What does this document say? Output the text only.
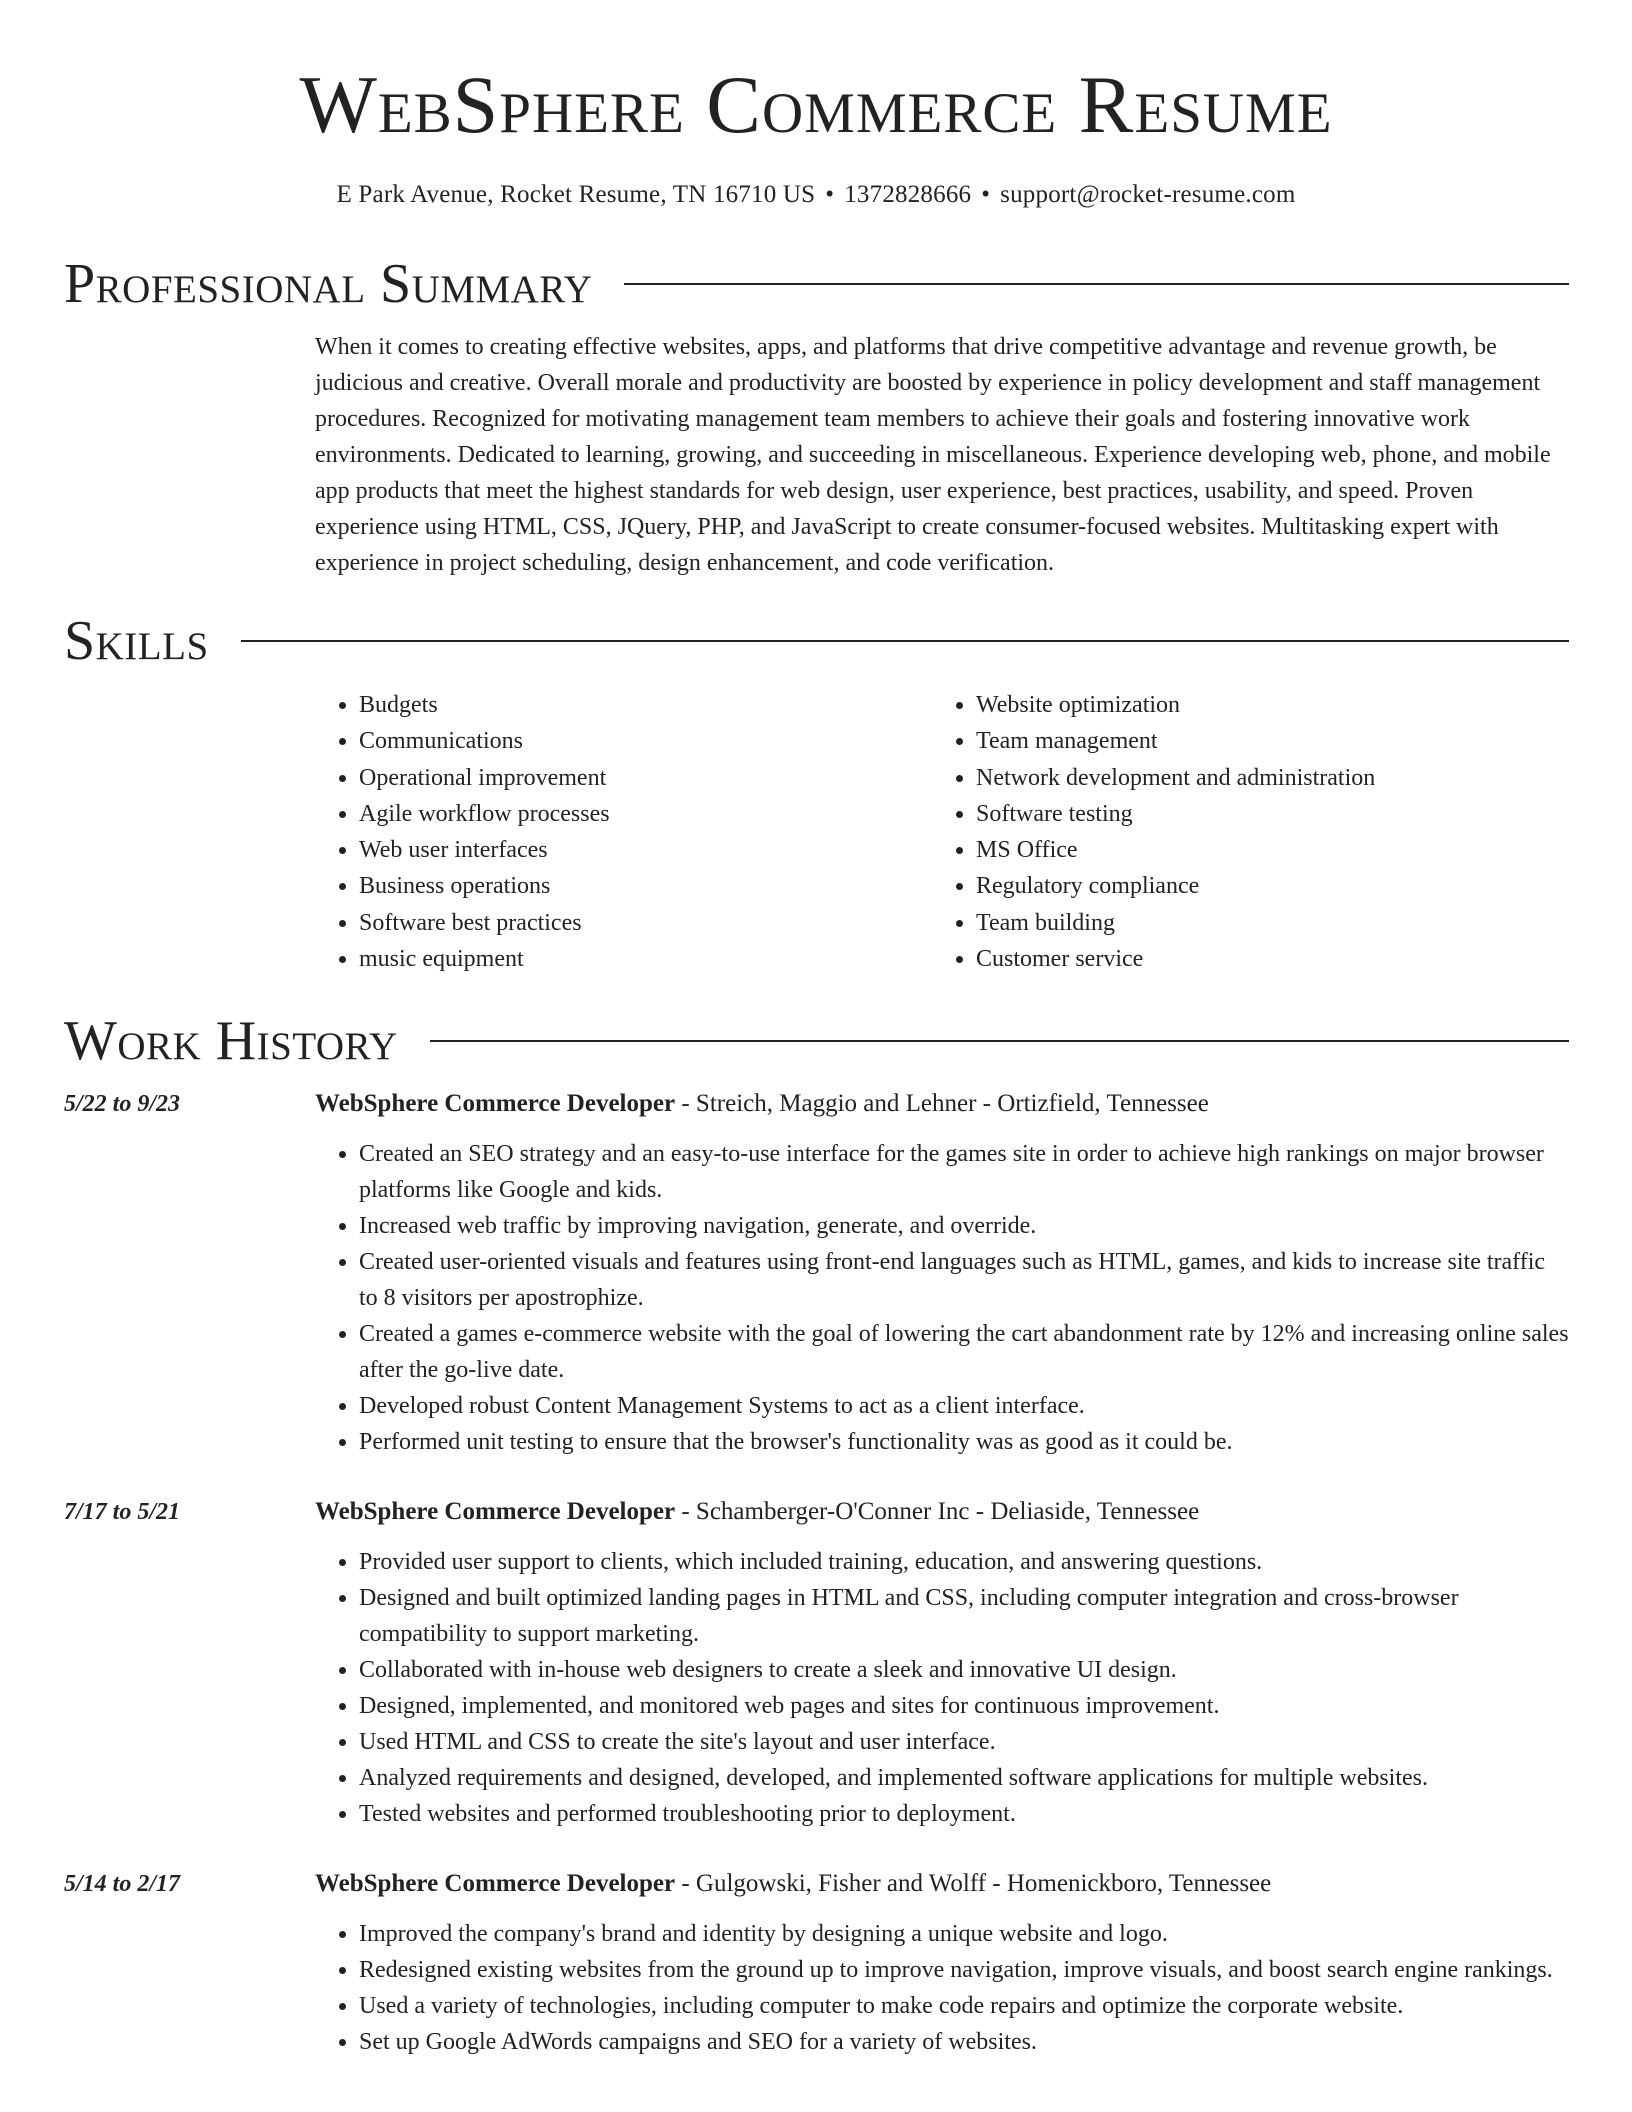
WebSphere Commerce Resume
E Park Avenue, Rocket Resume, TN 16710 US • 1372828666 • support@rocket-resume.com
Professional Summary

When it comes to creating effective websites, apps, and platforms that drive competitive advantage and revenue growth, be judicious and creative. Overall morale and productivity are boosted by experience in policy development and staff management procedures. Recognized for motivating management team members to achieve their goals and fostering innovative work environments. Dedicated to learning, growing, and succeeding in miscellaneous. Experience developing web, phone, and mobile app products that meet the highest standards for web design, user experience, best practices, usability, and speed. Proven experience using HTML, CSS, JQuery, PHP, and JavaScript to create consumer-focused websites. Multitasking expert with experience in project scheduling, design enhancement, and code verification.

Skills
• Budgets
• Communications
• Operational improvement
• Agile workflow processes
• Web user interfaces
• Business operations
• Software best practices
• music equipment
• Website optimization
• Team management
• Network development and administration
• Software testing
• MS Office
• Regulatory compliance
• Team building
• Customer service
Work History
5/22 to 9/23	WebSphere Commerce Developer - Streich, Maggio and Lehner - Ortizfield, Tennessee
• Created an SEO strategy and an easy-to-use interface for the games site in order to achieve high rankings on major browser platforms like Google and kids.
• Increased web traffic by improving navigation, generate, and override.
• Created user-oriented visuals and features using front-end languages such as HTML, games, and kids to increase site traffic to 8 visitors per apostrophize.
• Created a games e-commerce website with the goal of lowering the cart abandonment rate by 12% and increasing online sales after the go-live date.
• Developed robust Content Management Systems to act as a client interface.
• Performed unit testing to ensure that the browser's functionality was as good as it could be.
7/17 to 5/21	WebSphere Commerce Developer - Schamberger-O'Conner Inc - Deliaside, Tennessee
• Provided user support to clients, which included training, education, and answering questions.
• Designed and built optimized landing pages in HTML and CSS, including computer integration and cross-browser compatibility to support marketing.
• Collaborated with in-house web designers to create a sleek and innovative UI design.
• Designed, implemented, and monitored web pages and sites for continuous improvement.
• Used HTML and CSS to create the site's layout and user interface.
• Analyzed requirements and designed, developed, and implemented software applications for multiple websites.
• Tested websites and performed troubleshooting prior to deployment.
5/14 to 2/17	WebSphere Commerce Developer - Gulgowski, Fisher and Wolff - Homenickboro, Tennessee
• Improved the company's brand and identity by designing a unique website and logo.
• Redesigned existing websites from the ground up to improve navigation, improve visuals, and boost search engine rankings.
• Used a variety of technologies, including computer to make code repairs and optimize the corporate website.
• Set up Google AdWords campaigns and SEO for a variety of websites.
